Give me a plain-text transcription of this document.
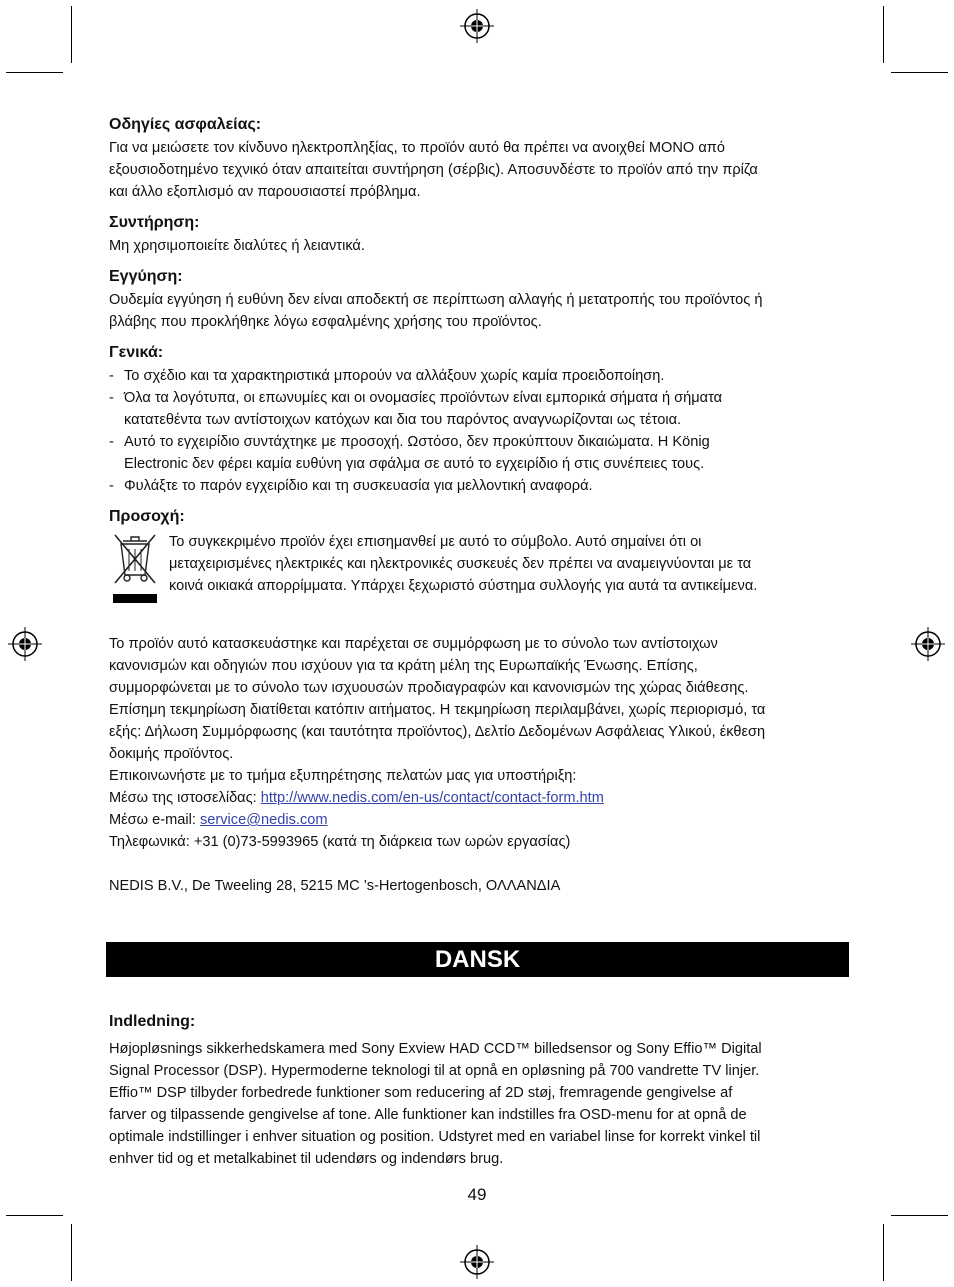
Οδηγίες ασφαλείας:

Για να μειώσετε τον κίνδυνο ηλεκτροπληξίας, το προϊόν αυτό θα πρέπει να ανοιχθεί ΜΟΝΟ από
εξουσιοδοτημένο τεχνικό όταν απαιτείται συντήρηση (σέρβις). Αποσυνδέστε το προϊόν από την πρίζα
και άλλο εξοπλισμό αν παρουσιαστεί πρόβλημα.

Συντήρηση:

Μη χρησιμοποιείτε διαλύτες ή λειαντικά.

Εγγύηση:

Ουδεμία εγγύηση ή ευθύνη δεν είναι αποδεκτή σε περίπτωση αλλαγής ή μετατροπής του προϊόντος ή
βλάβης που προκλήθηκε λόγω εσφαλμένης χρήσης του προϊόντος.

Γενικά:
- Το σχέδιο και τα χαρακτηριστικά μπορούν να αλλάξουν χωρίς καμία προειδοποίηση.
- Όλα τα λογότυπα, οι επωνυμίες και οι ονομασίες προϊόντων είναι εμπορικά σήματα ή σήματα
κατατεθέντα των αντίστοιχων κατόχων και δια του παρόντος αναγνωρίζονται ως τέτοια.
- Αυτό το εγχειρίδιο συντάχτηκε με προσοχή. Ωστόσο, δεν προκύπτουν δικαιώματα. Η König
Electronic δεν φέρει καμία ευθύνη για σφάλμα σε αυτό το εγχειρίδιο ή στις συνέπειες τους.
- Φυλάξτε το παρόν εγχειρίδιο και τη συσκευασία για μελλοντική αναφορά.
Προσοχή:

Το συγκεκριμένο προϊόν έχει επισημανθεί με αυτό το σύμβολο. Αυτό σημαίνει ότι οι
μεταχειρισμένες ηλεκτρικές και ηλεκτρονικές συσκευές δεν πρέπει να αναμειγνύονται με τα
κοινά οικιακά απορρίμματα. Υπάρχει ξεχωριστό σύστημα συλλογής για αυτά τα αντικείμενα.

Το προϊόν αυτό κατασκευάστηκε και παρέχεται σε συμμόρφωση με το σύνολο των αντίστοιχων
κανονισμών και οδηγιών που ισχύουν για τα κράτη μέλη της Ευρωπαϊκής Ένωσης. Επίσης,
συμμορφώνεται με το σύνολο των ισχυουσών προδιαγραφών και κανονισμών της χώρας διάθεσης.
Επίσημη τεκμηρίωση διατίθεται κατόπιν αιτήματος. Η τεκμηρίωση περιλαμβάνει, χωρίς περιορισμό, τα
εξής: Δήλωση Συμμόρφωσης (και ταυτότητα προϊόντος), Δελτίο Δεδομένων Ασφάλειας Υλικού, έκθεση
δοκιμής προϊόντος.
Επικοινωνήστε με το τμήμα εξυπηρέτησης πελατών μας για υποστήριξη:
Μέσω της ιστοσελίδας: http://www.nedis.com/en-us/contact/contact-form.htm
Μέσω e-mail: service@nedis.com
Τηλεφωνικά: +31 (0)73-5993965 (κατά τη διάρκεια των ωρών εργασίας)

NEDIS B.V., De Tweeling 28, 5215 MC ’s-Hertogenbosch, ΟΛΛΑΝΔΙΑ

DANSK
Indledning:

Højopløsnings sikkerhedskamera med Sony Exview HAD CCD™ billedsensor og Sony Effio™ Digital
Signal Processor (DSP). Hypermoderne teknologi til at opnå en opløsning på 700 vandrette TV linjer.
Effio™ DSP tilbyder forbedrede funktioner som reducering af 2D støj, fremragende gengivelse af
farver og tilpassende gengivelse af tone. Alle funktioner kan indstilles fra OSD-menu for at opnå de
optimale indstillinger i enhver situation og position. Udstyret med en variabel linse for korrekt vinkel til
enhver tid og et metalkabinet til udendørs og indendørs brug.

49
